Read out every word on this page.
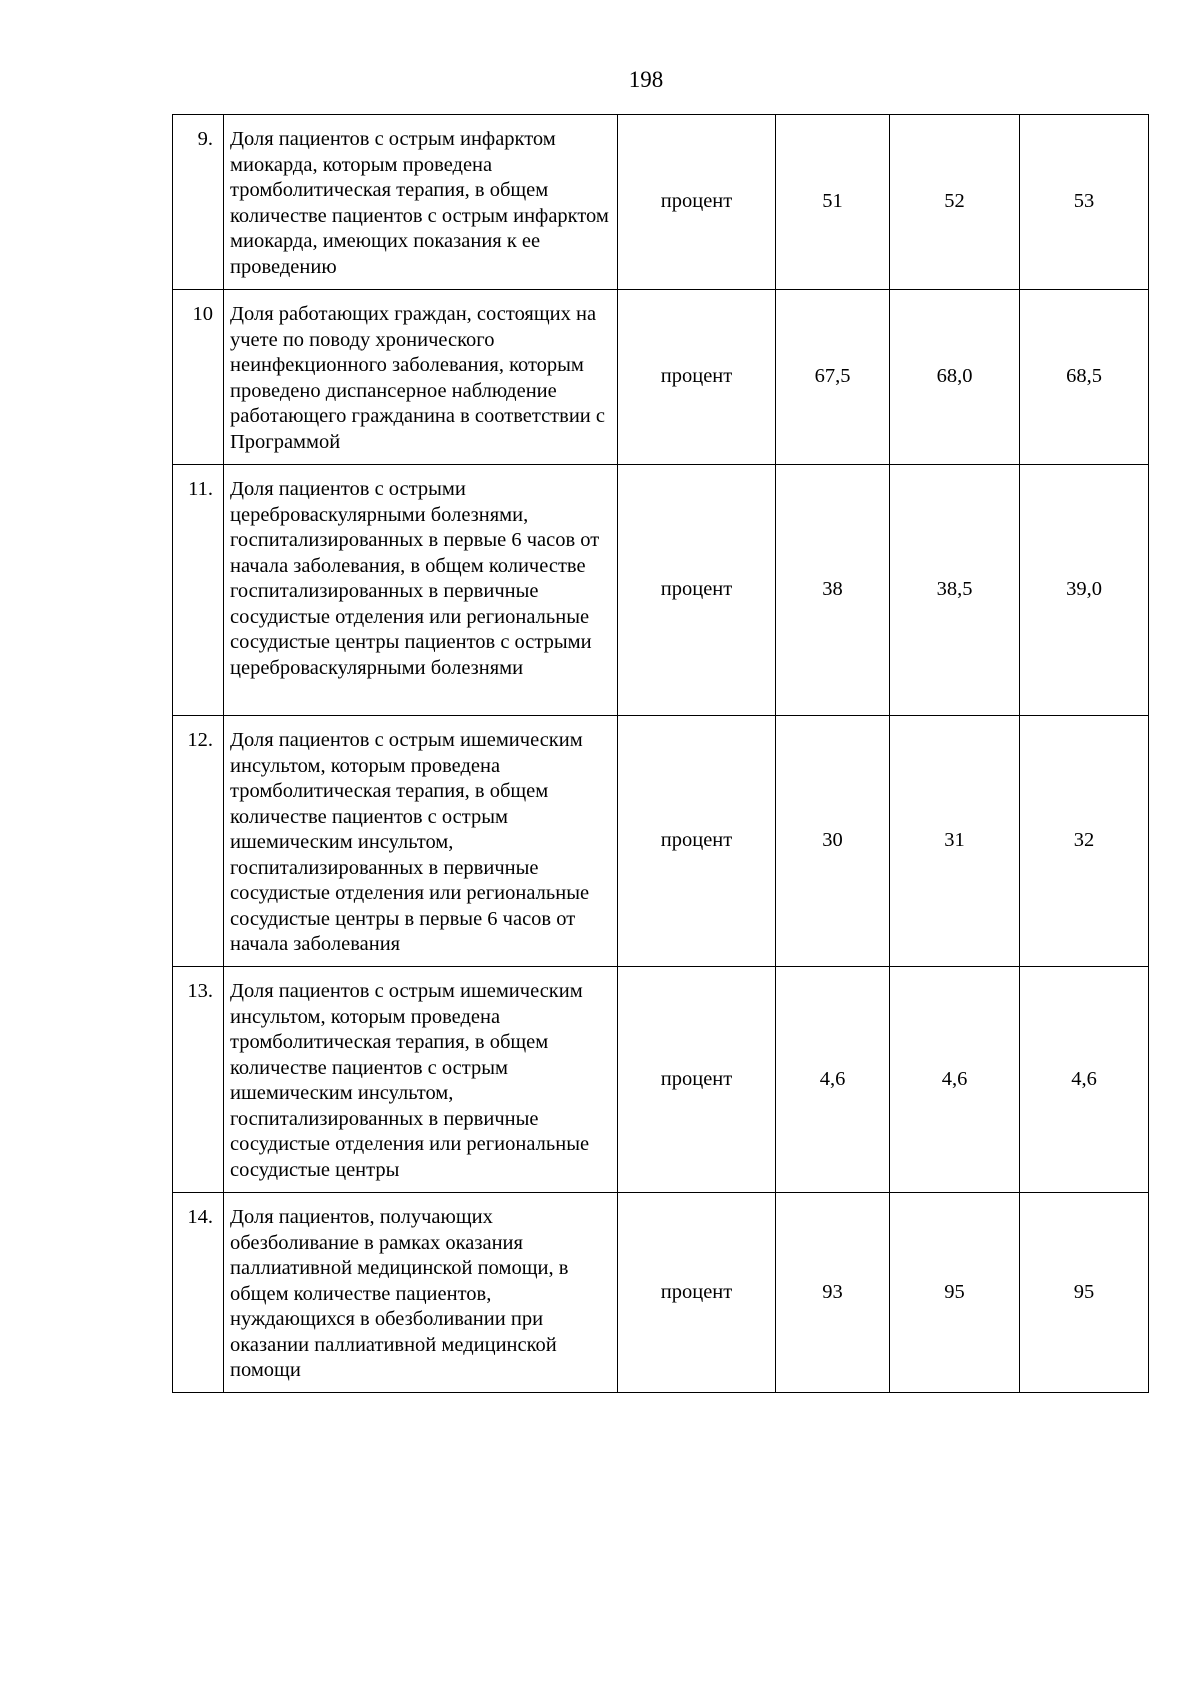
198
9.	Доля пациентов с острым инфарктом миокарда, которым проведена тромболитическая терапия, в общем количестве пациентов с острым инфарктом миокарда, имеющих показания к ее проведению	процент	51	52	53
10	Доля работающих граждан, состоящих на учете по поводу хронического неинфекционного заболевания, которым проведено диспансерное наблюдение работающего гражданина в соответствии с Программой	процент	67,5	68,0	68,5
11.	Доля пациентов с острыми цереброваскулярными болезнями, госпитализированных в первые 6 часов от начала заболевания, в общем количестве госпитализированных в первичные сосудистые отделения или региональные сосудистые центры пациентов с острыми цереброваскулярными болезнями	процент	38	38,5	39,0
12.	Доля пациентов с острым ишемическим инсультом, которым проведена тромболитическая терапия, в общем количестве пациентов с острым ишемическим инсультом, госпитализированных в первичные сосудистые отделения или региональные сосудистые центры в первые 6 часов от начала заболевания	процент	30	31	32
13.	Доля пациентов с острым ишемическим инсультом, которым проведена тромболитическая терапия, в общем количестве пациентов с острым ишемическим инсультом, госпитализированных в первичные сосудистые отделения или региональные сосудистые центры	процент	4,6	4,6	4,6
14.	Доля пациентов, получающих обезболивание в рамках оказания паллиативной медицинской помощи, в общем количестве пациентов, нуждающихся в обезболивании при оказании паллиативной медицинской помощи	процент	93	95	95
